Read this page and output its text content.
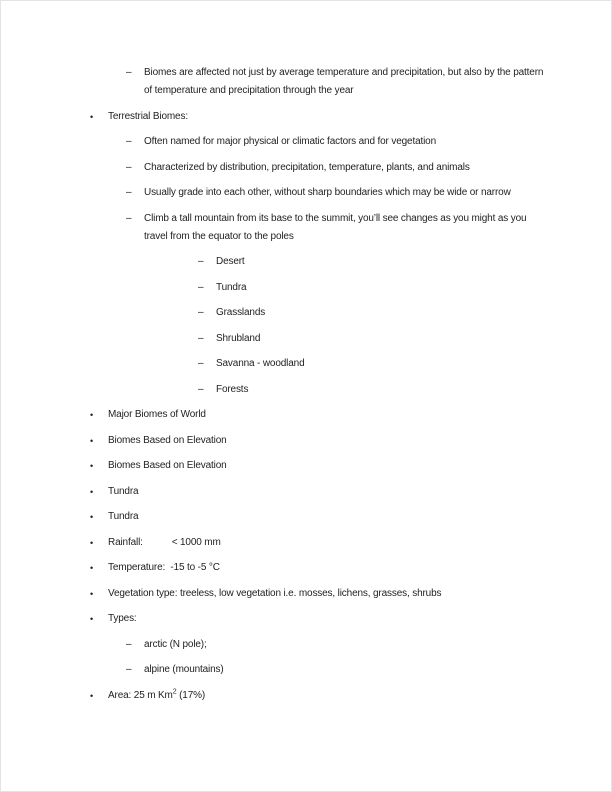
–	Biomes are affected not just by average temperature and precipitation, but also by the pattern of temperature and precipitation through the year
•	Terrestrial Biomes:
–	Often named for major physical or climatic factors and for vegetation
–	Characterized by distribution, precipitation, temperature, plants, and animals
–	Usually grade into each other, without sharp boundaries which may be wide or narrow
–	Climb a tall mountain from its base to the summit, you’ll see changes as you might as you travel from the equator to the poles
–	Desert
–	Tundra
–	Grasslands
–	Shrubland
–	Savanna - woodland
–	Forests
•	Major Biomes of World
•	Biomes Based on Elevation
•	Biomes Based on Elevation
•	Tundra
•	Tundra
•	Rainfall:           < 1000 mm
•	Temperature:  -15 to -5 °C
•	Vegetation type: treeless, low vegetation i.e. mosses, lichens, grasses, shrubs
•	Types:
–	arctic (N pole);
–	alpine (mountains)
•	Area: 25 m Km$^2$ (17%)
